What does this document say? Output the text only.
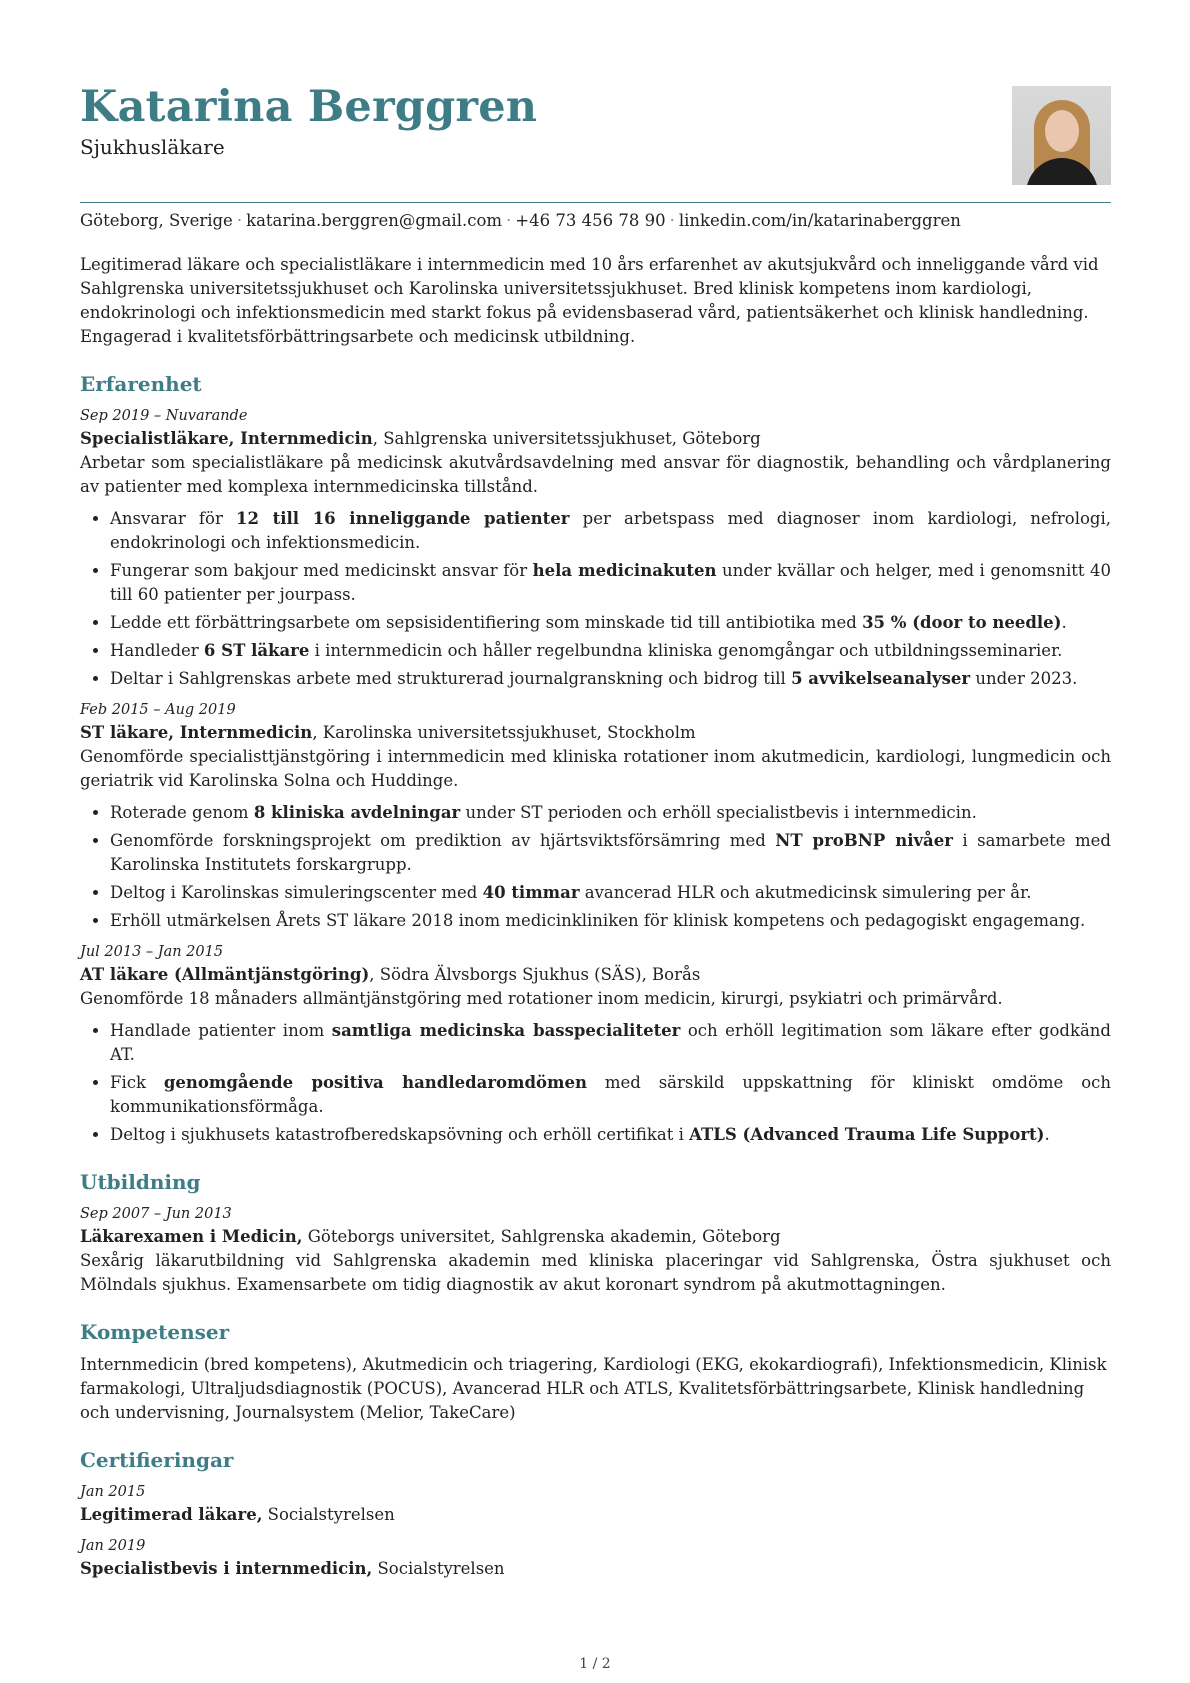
Katarina Berggren
Sjukhusläkare
Göteborg, Sverige · katarina.berggren@gmail.com · +46 73 456 78 90 · linkedin.com/in/katarinaberggren
Legitimerad läkare och specialistläkare i internmedicin med 10 års erfarenhet av akutsjukvård och inneliggande vård vid Sahlgrenska universitetssjukhuset och Karolinska universitetssjukhuset. Bred klinisk kompetens inom kardiologi, endokrinologi och infektionsmedicin med starkt fokus på evidensbaserad vård, patientsäkerhet och klinisk handledning. Engagerad i kvalitetsförbättringsarbete och medicinsk utbildning.
Erfarenhet
Sep 2019 – Nuvarande
Specialistläkare, Internmedicin, Sahlgrenska universitetssjukhuset, Göteborg
Arbetar som specialistläkare på medicinsk akutvårdsavdelning med ansvar för diagnostik, behandling och vårdplanering av patienter med komplexa internmedicinska tillstånd.
• Ansvarar för 12 till 16 inneliggande patienter per arbetspass med diagnoser inom kardiologi, nefrologi, endokrinologi och infektionsmedicin.
• Fungerar som bakjour med medicinskt ansvar för hela medicinakuten under kvällar och helger, med i genomsnitt 40 till 60 patienter per jourpass.
• Ledde ett förbättringsarbete om sepsisidentifiering som minskade tid till antibiotika med 35 % (door to needle).
• Handleder 6 ST läkare i internmedicin och håller regelbundna kliniska genomgångar och utbildningsseminarier.
• Deltar i Sahlgrenskas arbete med strukturerad journalgranskning och bidrog till 5 avvikelseanalyser under 2023.
Feb 2015 – Aug 2019
ST läkare, Internmedicin, Karolinska universitetssjukhuset, Stockholm
Genomförde specialisttjänstgöring i internmedicin med kliniska rotationer inom akutmedicin, kardiologi, lungmedicin och geriatrik vid Karolinska Solna och Huddinge.
• Roterade genom 8 kliniska avdelningar under ST perioden och erhöll specialistbevis i internmedicin.
• Genomförde forskningsprojekt om prediktion av hjärtsviktsförsämring med NT proBNP nivåer i samarbete med Karolinska Institutets forskargrupp.
• Deltog i Karolinskas simuleringscenter med 40 timmar avancerad HLR och akutmedicinsk simulering per år.
• Erhöll utmärkelsen Årets ST läkare 2018 inom medicinkliniken för klinisk kompetens och pedagogiskt engagemang.
Jul 2013 – Jan 2015
AT läkare (Allmäntjänstgöring), Södra Älvsborgs Sjukhus (SÄS), Borås
Genomförde 18 månaders allmäntjänstgöring med rotationer inom medicin, kirurgi, psykiatri och primärvård.
• Handlade patienter inom samtliga medicinska basspecialiteter och erhöll legitimation som läkare efter godkänd AT.
• Fick genomgående positiva handledaromdömen med särskild uppskattning för kliniskt omdöme och kommunikationsförmåga.
• Deltog i sjukhusets katastrofberedskapsövning och erhöll certifikat i ATLS (Advanced Trauma Life Support).
Utbildning
Sep 2007 – Jun 2013
Läkarexamen i Medicin, Göteborgs universitet, Sahlgrenska akademin, Göteborg
Sexårig läkarutbildning vid Sahlgrenska akademin med kliniska placeringar vid Sahlgrenska, Östra sjukhuset och Mölndals sjukhus. Examensarbete om tidig diagnostik av akut koronart syndrom på akutmottagningen.
Kompetenser
Internmedicin (bred kompetens), Akutmedicin och triagering, Kardiologi (EKG, ekokardiografi), Infektionsmedicin, Klinisk farmakologi, Ultraljudsdiagnostik (POCUS), Avancerad HLR och ATLS, Kvalitetsförbättringsarbete, Klinisk handledning och undervisning, Journalsystem (Melior, TakeCare)
Certifieringar
Jan 2015
Legitimerad läkare, Socialstyrelsen
Jan 2019
Specialistbevis i internmedicin, Socialstyrelsen
1 / 2
